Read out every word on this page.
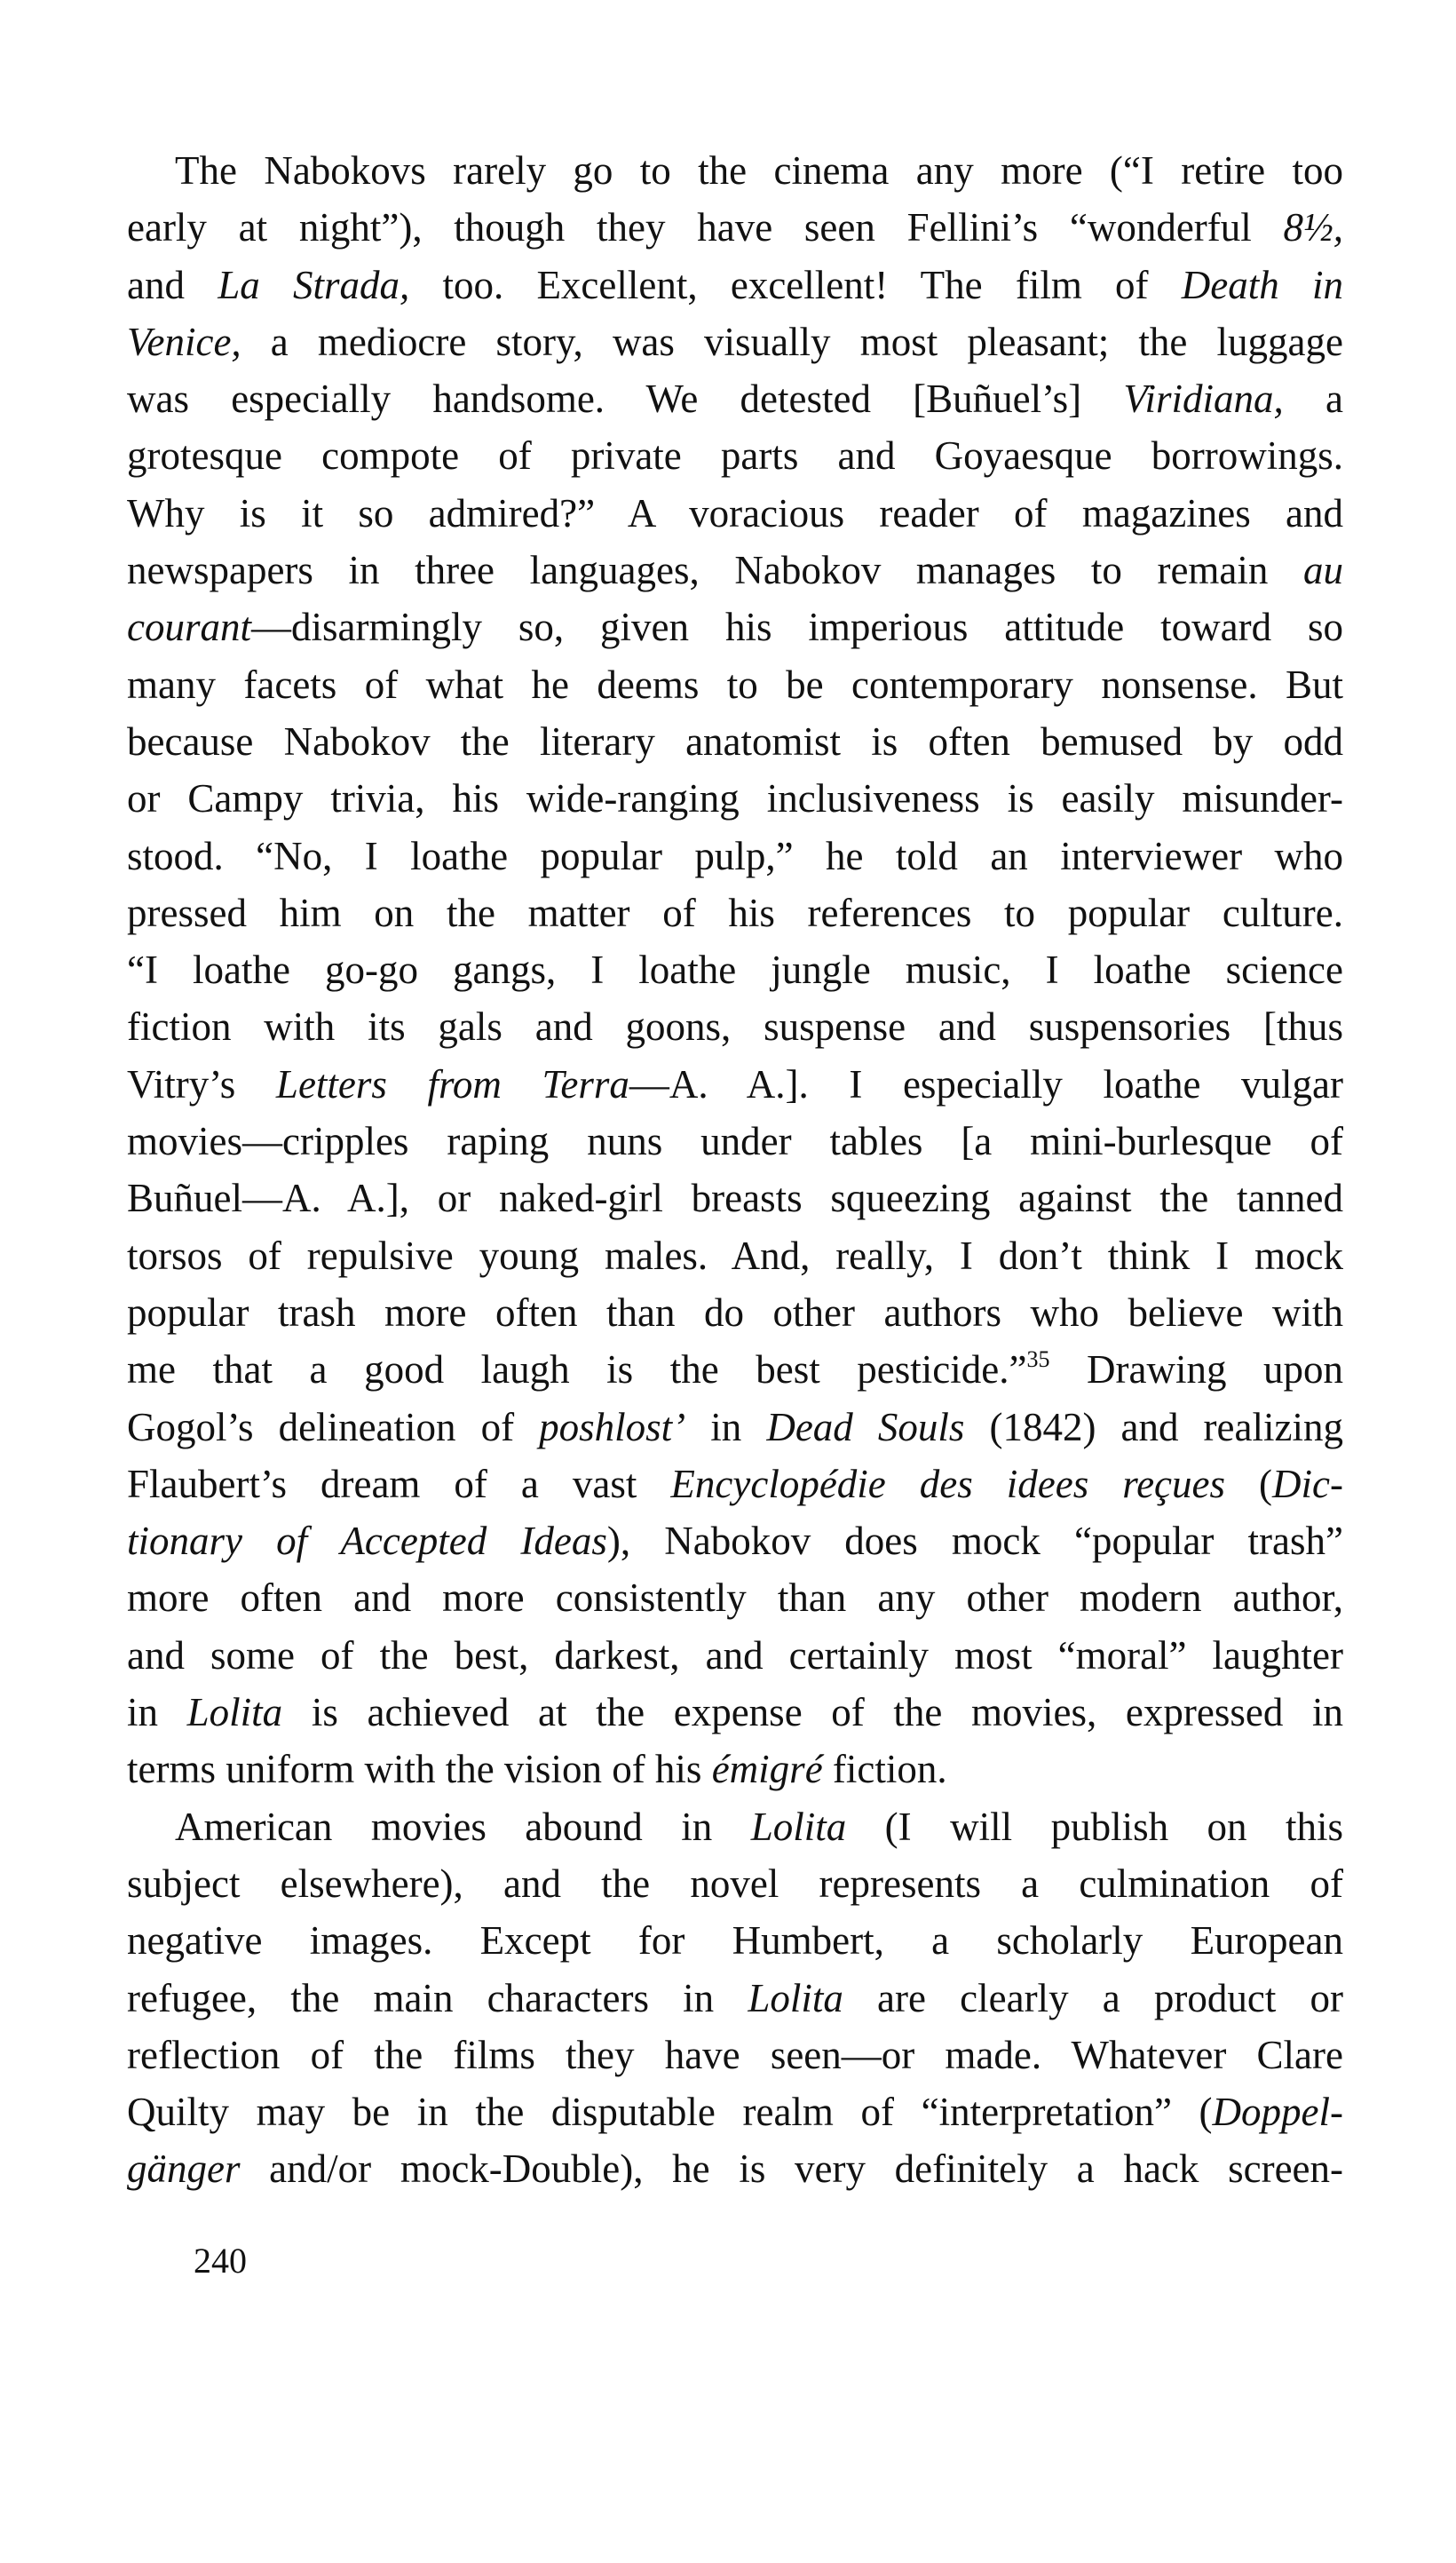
The Nabokovs rarely go to the cinema any more (“I retire too
early at night”), though they have seen Fellini’s “wonderful 8½,
and La Strada, too. Excellent, excellent! The film of Death in
Venice, a mediocre story, was visually most pleasant; the luggage
was especially handsome. We detested [Buñuel’s] Viridiana, a
grotesque compote of private parts and Goyaesque borrowings.
Why is it so admired?” A voracious reader of magazines and
newspapers in three languages, Nabokov manages to remain au
courant—disarmingly so, given his imperious attitude toward so
many facets of what he deems to be contemporary nonsense. But
because Nabokov the literary anatomist is often bemused by odd
or Campy trivia, his wide-ranging inclusiveness is easily misunder-
stood. “No, I loathe popular pulp,” he told an interviewer who
pressed him on the matter of his references to popular culture.
“I loathe go-go gangs, I loathe jungle music, I loathe science
fiction with its gals and goons, suspense and suspensories [thus
Vitry’s Letters from Terra—A. A.]. I especially loathe vulgar
movies—cripples raping nuns under tables [a mini-burlesque of
Buñuel—A. A.], or naked-girl breasts squeezing against the tanned
torsos of repulsive young males. And, really, I don’t think I mock
popular trash more often than do other authors who believe with
me that a good laugh is the best pesticide.”$^{35}$ Drawing upon
Gogol’s delineation of poshlost’ in Dead Souls (1842) and realizing
Flaubert’s dream of a vast Encyclopédie des idees reçues (Dic-
tionary of Accepted Ideas), Nabokov does mock “popular trash”
more often and more consistently than any other modern author,
and some of the best, darkest, and certainly most “moral” laughter
in Lolita is achieved at the expense of the movies, expressed in
terms uniform with the vision of his émigré fiction.
American movies abound in Lolita (I will publish on this
subject elsewhere), and the novel represents a culmination of
negative images. Except for Humbert, a scholarly European
refugee, the main characters in Lolita are clearly a product or
reflection of the films they have seen—or made. Whatever Clare
Quilty may be in the disputable realm of “interpretation” (Doppel-
gänger and/or mock-Double), he is very definitely a hack screen-
240
